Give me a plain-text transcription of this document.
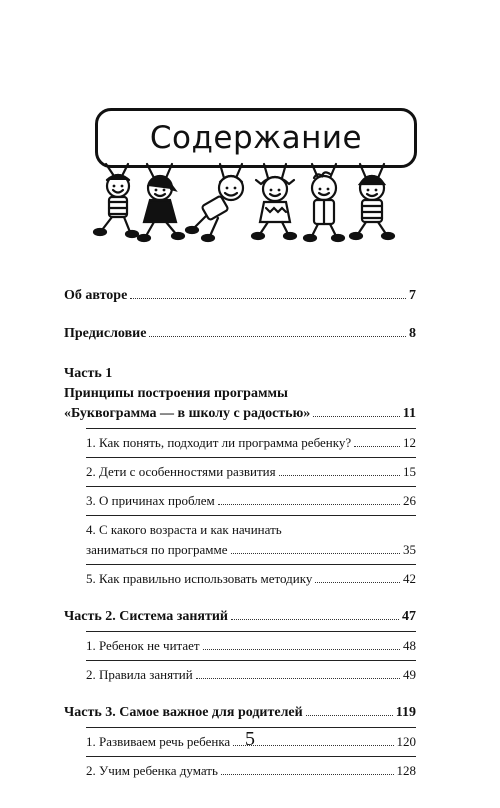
Содержание
Об авторе	7
Предисловие	8
Часть 1
Принципы построения программы
«Буквограмма — в школу с радостью»	11
1. Как понять, подходит ли программа ребенку?	12
2. Дети с особенностями развития	15
3. О причинах проблем	26
4. С какого возраста и как начинать
заниматься по программе	35
5. Как правильно использовать методику	42
Часть 2. Система занятий	47
1. Ребенок не читает	48
2. Правила занятий	49
Часть 3. Самое важное для родителей	119
1. Развиваем речь ребенка	120
2. Учим ребенка думать	128
5
